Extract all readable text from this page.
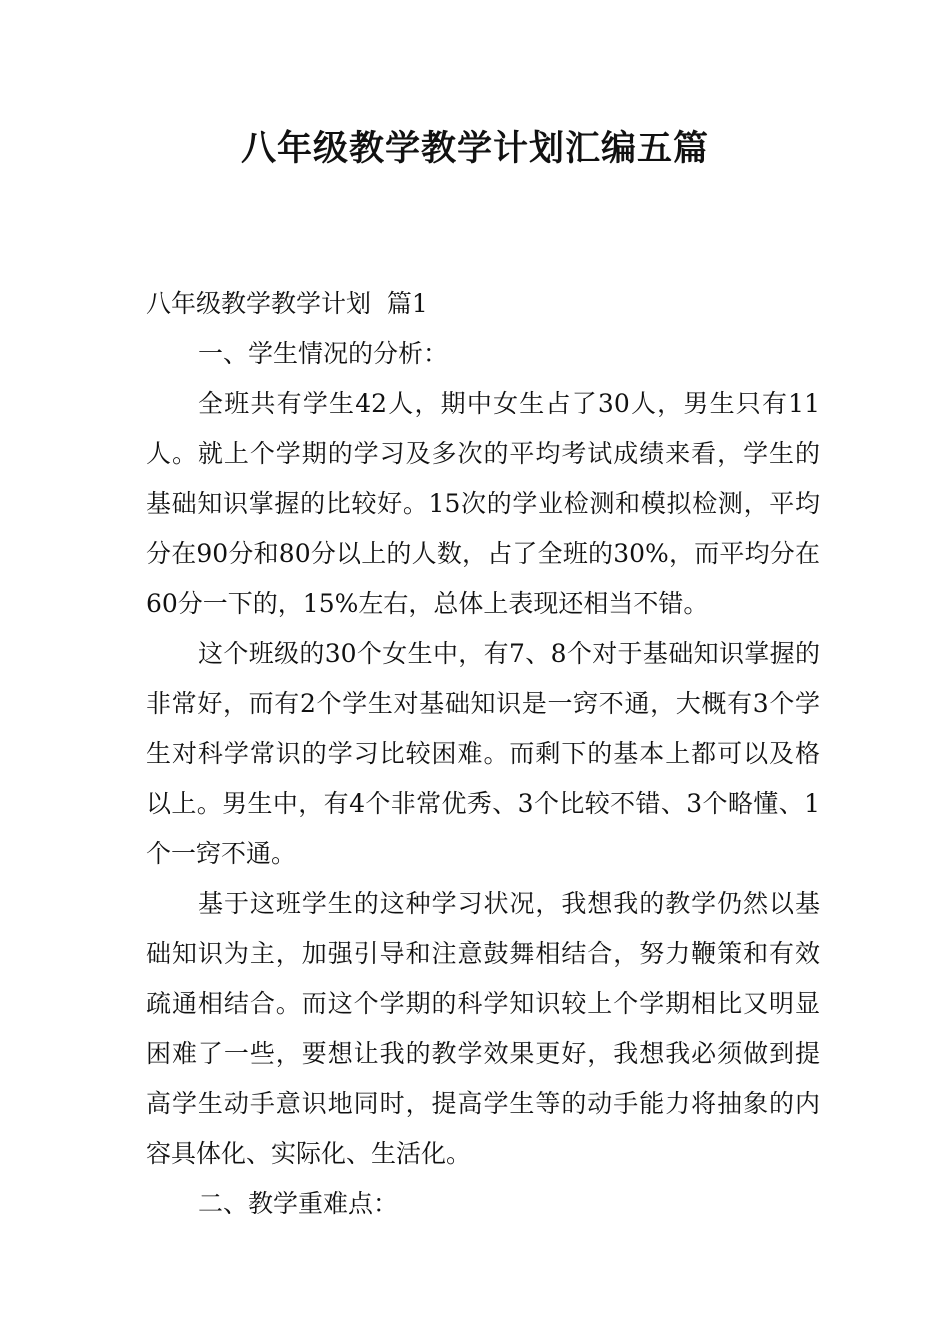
八年级教学教学计划汇编五篇

八年级教学教学计划  篇1

一、学生情况的分析：

全班共有学生42人，期中女生占了30人，男生只有11人。就上个学期的学习及多次的平均考试成绩来看，学生的基础知识掌握的比较好。15次的学业检测和模拟检测，平均分在90分和80分以上的人数，占了全班的30%，而平均分在60分一下的，15%左右，总体上表现还相当不错。

这个班级的30个女生中，有7、8个对于基础知识掌握的非常好，而有2个学生对基础知识是一窍不通，大概有3个学生对科学常识的学习比较困难。而剩下的基本上都可以及格以上。男生中，有4个非常优秀、3个比较不错、3个略懂、1个一窍不通。

基于这班学生的这种学习状况，我想我的教学仍然以基础知识为主，加强引导和注意鼓舞相结合，努力鞭策和有效疏通相结合。而这个学期的科学知识较上个学期相比又明显困难了一些，要想让我的教学效果更好，我想我必须做到提高学生动手意识地同时，提高学生等的动手能力将抽象的内容具体化、实际化、生活化。

二、教学重难点：
